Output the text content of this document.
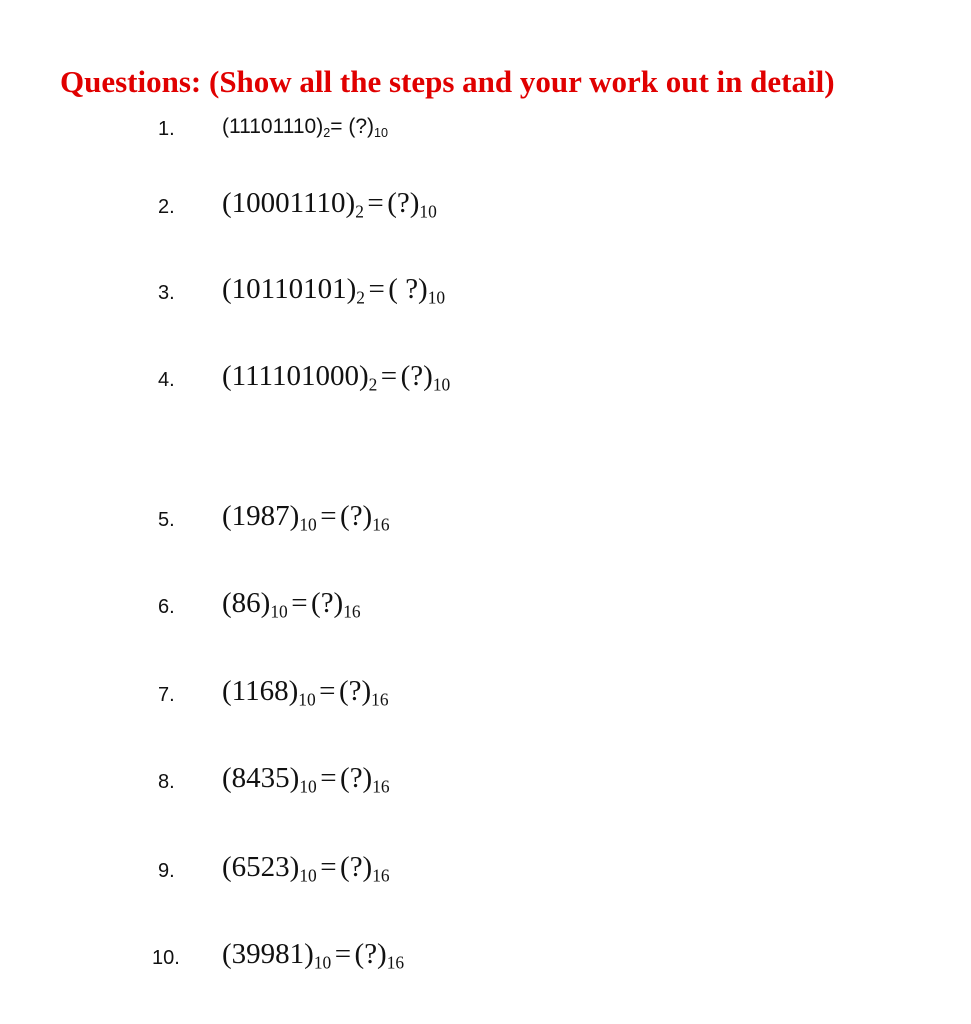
Questions: (Show all the steps and your work out in detail)
1. $(11101110)_2=$ $(?)_{10}$
2. $(10001110)_2$ = $(?)_{10}$
3. $(10110101)_2$ = ( $?)_{10}$
4. $(111101000)_2$ = $(?)_{10}$
5. $(1987)_{10}$ = $(?)_{16}$
6. $(86)_{10}$ = $(?)_{16}$
7. $(1168)_{10}$ = $(?)_{16}$
8. $(8435)_{10}$ = $(?)_{16}$
9. $(6523)_{10}$ = $(?)_{16}$
10. $(39981)_{10}$ = $(?)_{16}$
